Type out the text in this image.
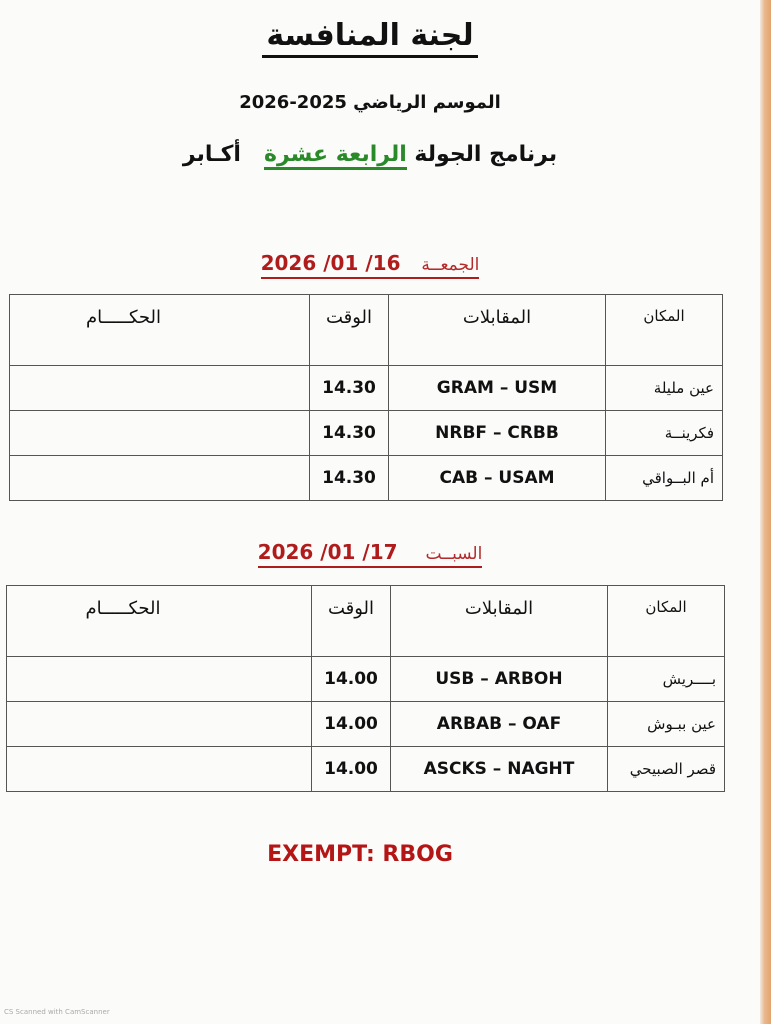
لجنة المنافسة
الموسم الرياضي 2025-2026
برنامج الجولة الرابعة عشرة   أكـابر
الجمعــة   16/ 01/ 2026
المكان	المقابلات	الوقت	الحكـــــام
عين مليلة	GRAM – USM	14.30	
فكرينــة	NRBF – CRBB	14.30	
أم البــواقي	CAB – USAM	14.30	
السبــت    17/ 01/ 2026
المكان	المقابلات	الوقت	الحكـــــام
بــــريش	USB – ARBOH	14.00	
عين ببـوش	ARBAB – OAF	14.00	
قصر الصبيحي	ASCKS – NAGHT	14.00	
EXEMPT: RBOG
CS Scanned with CamScanner
